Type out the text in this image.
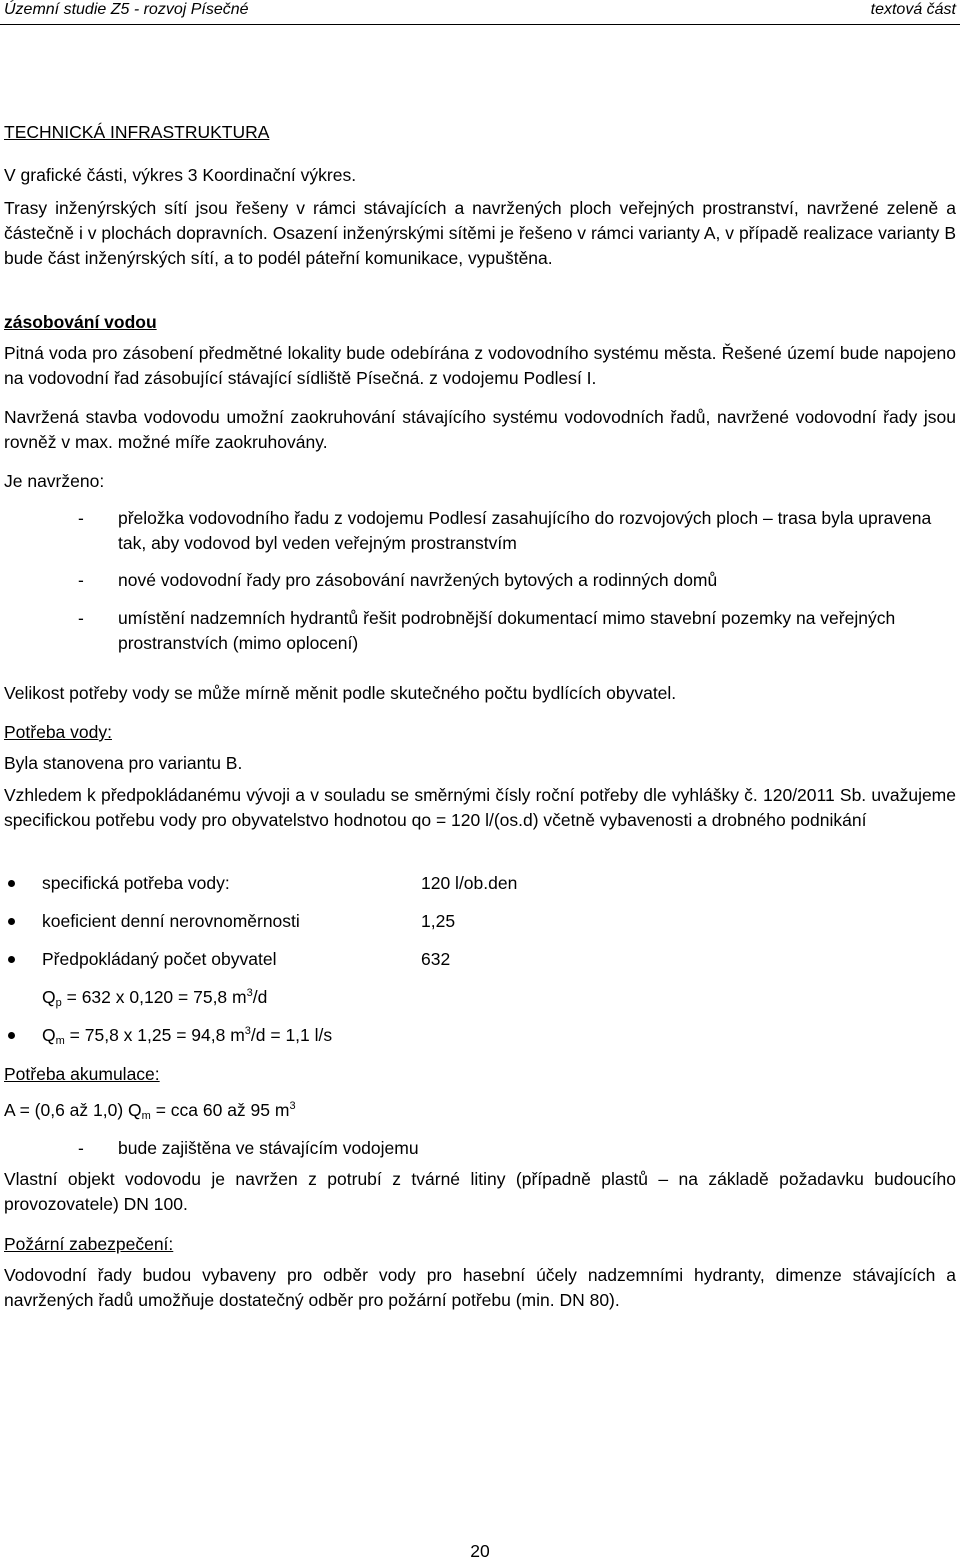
Územní studie Z5 - rozvoj Písečné	textová část

TECHNICKÁ INFRASTRUKTURA

V grafické části, výkres 3 Koordinační výkres.

Trasy inženýrských sítí jsou řešeny v rámci stávajících a navržených ploch veřejných prostranství, navržené zeleně a částečně i v plochách dopravních. Osazení inženýrskými sítěmi je řešeno v rámci varianty A, v případě realizace varianty B bude část inženýrských sítí, a to podél páteřní komunikace, vypuštěna.

zásobování vodou

Pitná voda pro zásobení předmětné lokality bude odebírána z vodovodního systému města. Řešené území bude napojeno na vodovodní řad zásobující stávající sídliště Písečná. z vodojemu Podlesí I.

Navržená stavba vodovodu umožní zaokruhování stávajícího systému vodovodních řadů, navržené vodovodní řady jsou rovněž v max. možné míře zaokruhovány.

Je navrženo:

- přeložka vodovodního řadu z vodojemu Podlesí zasahujícího do rozvojových ploch – trasa byla upravena tak, aby vodovod byl veden veřejným prostranstvím
- nové vodovodní řady pro zásobování navržených bytových a rodinných domů
- umístění nadzemních hydrantů řešit podrobnější dokumentací mimo stavební pozemky na veřejných prostranstvích (mimo oplocení)

Velikost potřeby vody se může mírně měnit podle skutečného počtu bydlících obyvatel.

Potřeba vody:

Byla stanovena pro variantu B.

Vzhledem k předpokládanému vývoji a v souladu se směrnými čísly roční potřeby dle vyhlášky č. 120/2011 Sb. uvažujeme specifickou potřebu vody pro obyvatelstvo hodnotou qo = 120 l/(os.d) včetně vybavenosti a drobného podnikání

specifická potřeba vody:	120 l/ob.den
koeficient denní nerovnoměrnosti	1,25
Předpokládaný počet obyvatel	632
$Q_p = 632$ x 0,120 = 75,8 $m^3/d$
$Q_m = 75,8$ x 1,25 = 94,8 $m^3/d = 1,1$ l/s

Potřeba akumulace:

A = (0,6 až 1,0) $Q_m$ = cca 60 až 95 $m^3$
- bude zajištěna ve stávajícím vodojemu

Vlastní objekt vodovodu je navržen z potrubí z tvárné litiny (případně plastů – na základě požadavku budoucího provozovatele) DN 100.

Požární zabezpečení:

Vodovodní řady budou vybaveny pro odběr vody pro hasební účely nadzemními hydranty, dimenze stávajících a navržených řadů umožňuje dostatečný odběr pro požární potřebu (min. DN 80).

20
